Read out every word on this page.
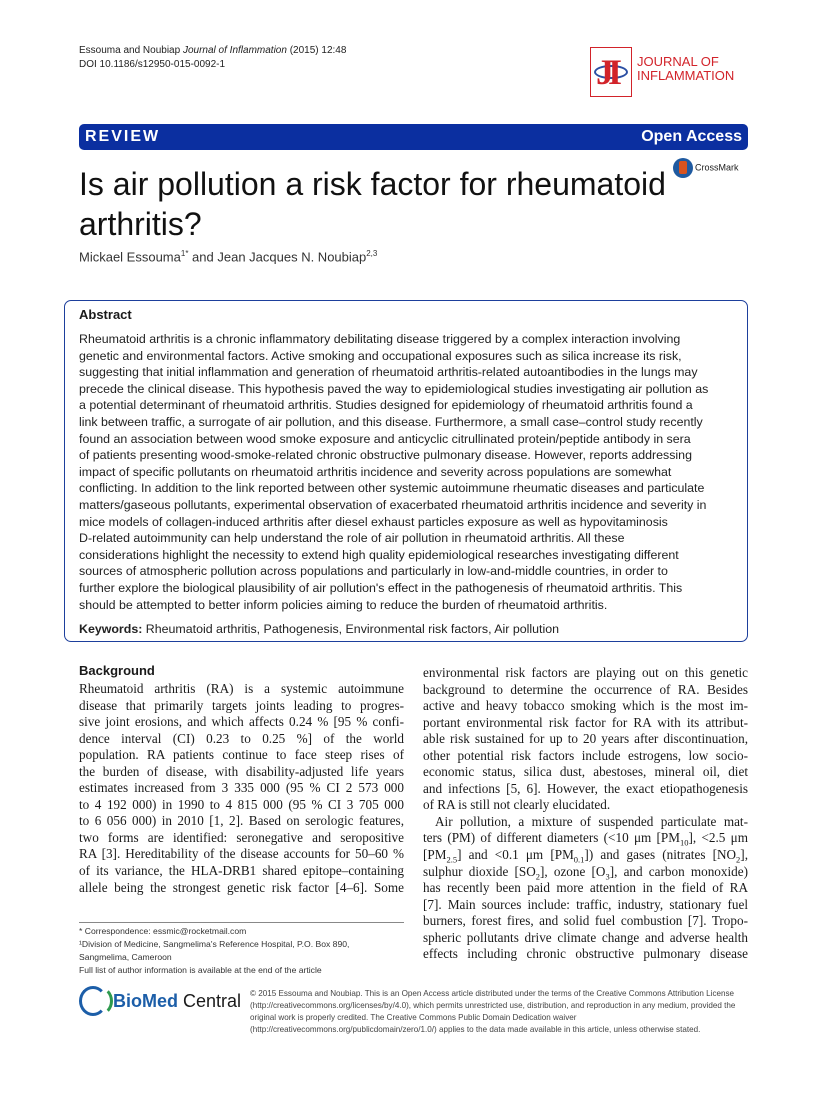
Essouma and Noubiap Journal of Inflammation (2015) 12:48
DOI 10.1186/s12950-015-0092-1	JI JOURNAL OF
INFLAMMATION
REVIEW	Open Access
CrossMark
Is air pollution a risk factor for rheumatoid arthritis?
Mickael Essouma$^{1*}$ and Jean Jacques N. Noubiap$^{2,3}$
Abstract
Rheumatoid arthritis is a chronic inflammatory debilitating disease triggered by a complex interaction involving
genetic and environmental factors. Active smoking and occupational exposures such as silica increase its risk,
suggesting that initial inflammation and generation of rheumatoid arthritis-related autoantibodies in the lungs may
precede the clinical disease. This hypothesis paved the way to epidemiological studies investigating air pollution as
a potential determinant of rheumatoid arthritis. Studies designed for epidemiology of rheumatoid arthritis found a
link between traffic, a surrogate of air pollution, and this disease. Furthermore, a small case–control study recently
found an association between wood smoke exposure and anticyclic citrullinated protein/peptide antibody in sera
of patients presenting wood-smoke-related chronic obstructive pulmonary disease. However, reports addressing
impact of specific pollutants on rheumatoid arthritis incidence and severity across populations are somewhat
conflicting. In addition to the link reported between other systemic autoimmune rheumatic diseases and particulate
matters/gaseous pollutants, experimental observation of exacerbated rheumatoid arthritis incidence and severity in
mice models of collagen-induced arthritis after diesel exhaust particles exposure as well as hypovitaminosis
D-related autoimmunity can help understand the role of air pollution in rheumatoid arthritis. All these
considerations highlight the necessity to extend high quality epidemiological researches investigating different
sources of atmospheric pollution across populations and particularly in low-and-middle countries, in order to
further explore the biological plausibility of air pollution's effect in the pathogenesis of rheumatoid arthritis. This
should be attempted to better inform policies aiming to reduce the burden of rheumatoid arthritis.
Keywords: Rheumatoid arthritis, Pathogenesis, Environmental risk factors, Air pollution
Background
Rheumatoid arthritis (RA) is a systemic autoimmune
disease that primarily targets joints leading to progres-
sive joint erosions, and which affects 0.24 % [95 % confi-
dence interval (CI) 0.23 to 0.25 %] of the world
population. RA patients continue to face steep rises of
the burden of disease, with disability-adjusted life years
estimates increased from 3 335 000 (95 % CI 2 573 000
to 4 192 000) in 1990 to 4 815 000 (95 % CI 3 705 000
to 6 056 000) in 2010 [1, 2]. Based on serologic features,
two forms are identified: seronegative and seropositive
RA [3]. Hereditability of the disease accounts for 50–60 %
of its variance, the HLA-DRB1 shared epitope–containing
allele being the strongest genetic risk factor [4–6]. Some
environmental risk factors are playing out on this genetic
background to determine the occurrence of RA. Besides
active and heavy tobacco smoking which is the most im-
portant environmental risk factor for RA with its attribut-
able risk sustained for up to 20 years after discontinuation,
other potential risk factors include estrogens, low socio-
economic status, silica dust, abestoses, mineral oil, diet
and infections [5, 6]. However, the exact etiopathogenesis
of RA is still not clearly elucidated.
Air pollution, a mixture of suspended particulate mat-
ters (PM) of different diameters (<10 μm $[PM_{10}]$, <2.5 μm
$[PM_{2.5}]$ and <0.1 μm $[PM_{0.1}]$) and gases (nitrates $[NO_2]$,
sulphur dioxide $[SO_2]$, ozone $[O_3]$, and carbon monoxide)
has recently been paid more attention in the field of RA
[7]. Main sources include: traffic, industry, stationary fuel
burners, forest fires, and solid fuel combustion [7]. Tropo-
spheric pollutants drive climate change and adverse health
effects including chronic obstructive pulmonary disease
* Correspondence: essmic@rocketmail.com
¹Division of Medicine, Sangmelima's Reference Hospital, P.O. Box 890,
Sangmelima, Cameroon
Full list of author information is available at the end of the article
BioMed Central © 2015 Essouma and Noubiap. This is an Open Access article distributed under the terms of the Creative Commons Attribution License (http://creativecommons.org/licenses/by/4.0), which permits unrestricted use, distribution, and reproduction in any medium, provided the original work is properly credited. The Creative Commons Public Domain Dedication waiver (http://creativecommons.org/publicdomain/zero/1.0/) applies to the data made available in this article, unless otherwise stated.
